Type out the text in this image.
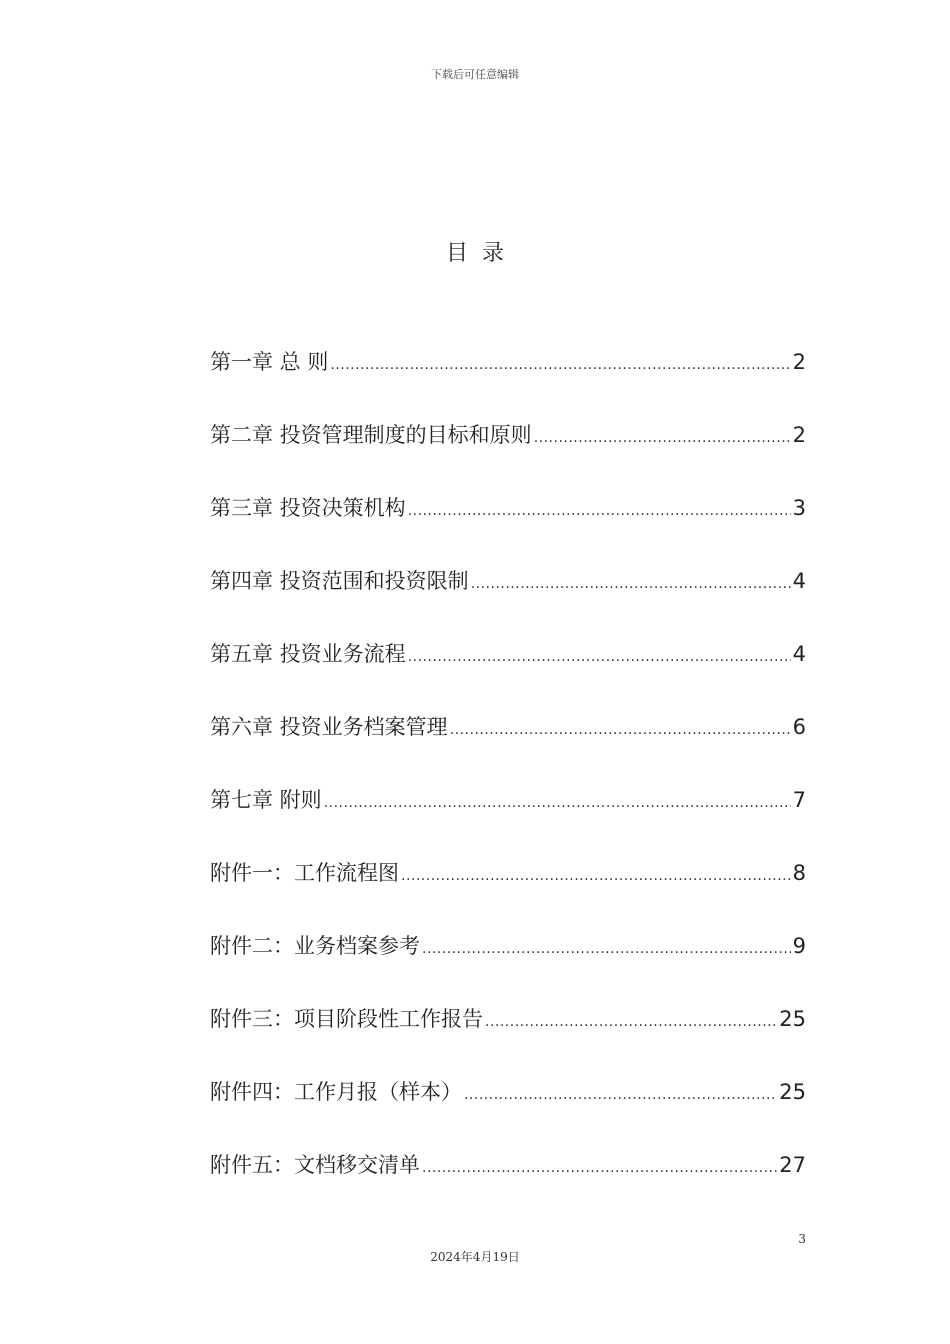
下载后可任意编辑
目录
第一章 总 则 .....	2
第二章 投资管理制度的目标和原则 .....	2
第三章 投资决策机构 .....	3
第四章 投资范围和投资限制 .....	4
第五章 投资业务流程 .....	4
第六章 投资业务档案管理 .....	6
第七章 附则 .....	7
附件一：工作流程图 .....	8
附件二：业务档案参考 .....	9
附件三：项目阶段性工作报告 .....	25
附件四：工作月报（样本） .....	25
附件五：文档移交清单 .....	27
3
2024年4月19日
